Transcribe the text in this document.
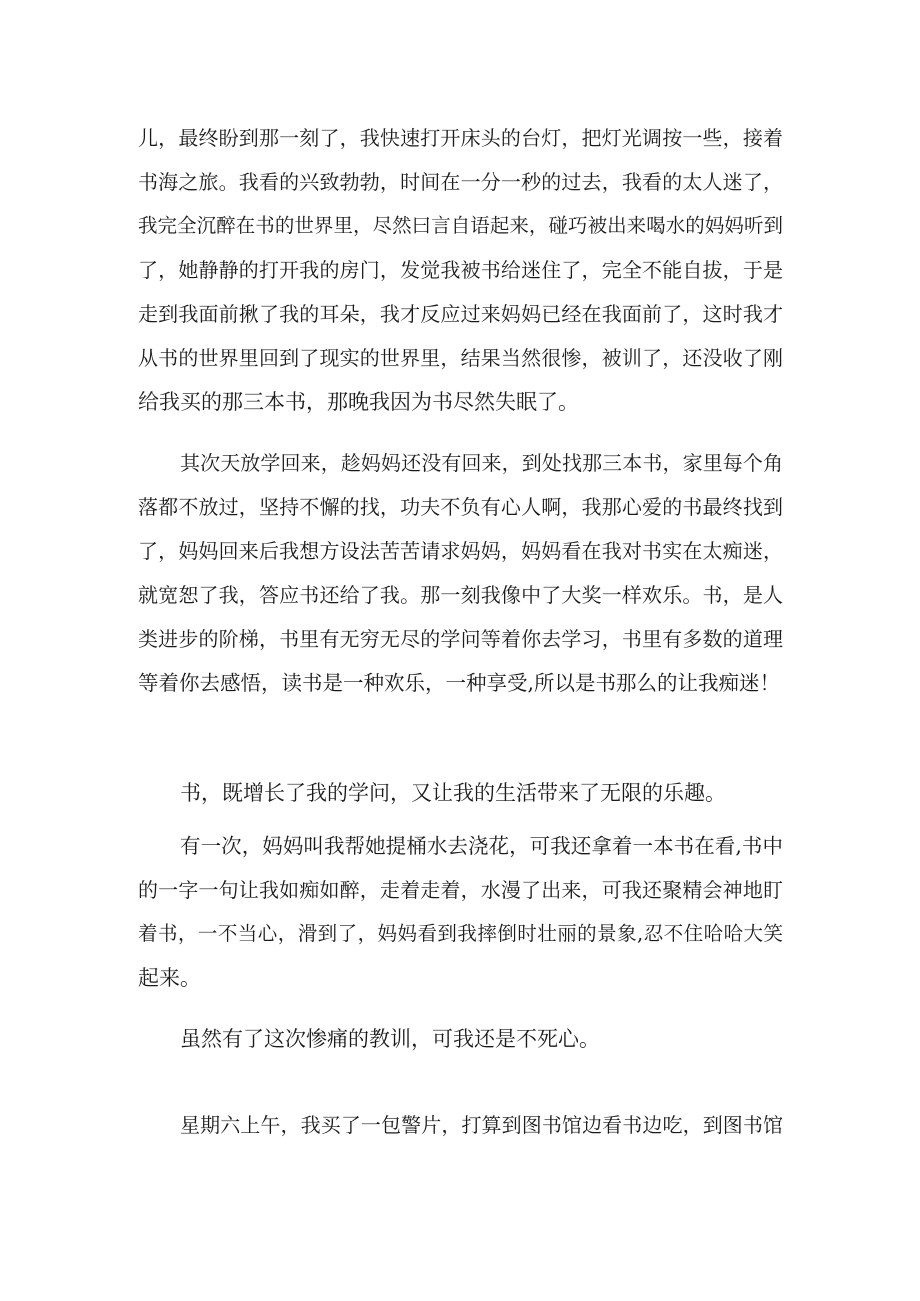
儿，最终盼到那一刻了，我快速打开床头的台灯，把灯光调按一些，接着
书海之旅。我看的兴致勃勃，时间在一分一秒的过去，我看的太人迷了，
我完全沉醉在书的世界里，尽然曰言自语起来，碰巧被出来喝水的妈妈听到
了，她静静的打开我的房门，发觉我被书给迷住了，完全不能自拔，于是
走到我面前揪了我的耳朵，我才反应过来妈妈已经在我面前了，这时我才
从书的世界里回到了现实的世界里，结果当然很惨，被训了，还没收了刚
给我买的那三本书，那晚我因为书尽然失眠了。
其次天放学回来，趁妈妈还没有回来，到处找那三本书，家里每个角
落都不放过，坚持不懈的找，功夫不负有心人啊，我那心爱的书最终找到
了，妈妈回来后我想方设法苦苦请求妈妈，妈妈看在我对书实在太痴迷，
就宽恕了我，答应书还给了我。那一刻我像中了大奖一样欢乐。书，是人
类进步的阶梯，书里有无穷无尽的学问等着你去学习，书里有多数的道理
等着你去感悟，读书是一种欢乐，一种享受,所以是书那么的让我痴迷！
书，既增长了我的学问，又让我的生活带来了无限的乐趣。
有一次，妈妈叫我帮她提桶水去浇花，可我还拿着一本书在看,书中
的一字一句让我如痴如醉，走着走着，水漫了出来，可我还聚精会神地盯
着书，一不当心，滑到了，妈妈看到我摔倒时壮丽的景象,忍不住哈哈大笑
起来。
虽然有了这次惨痛的教训，可我还是不死心。
星期六上午，我买了一包警片，打算到图书馆边看书边吃，到图书馆
